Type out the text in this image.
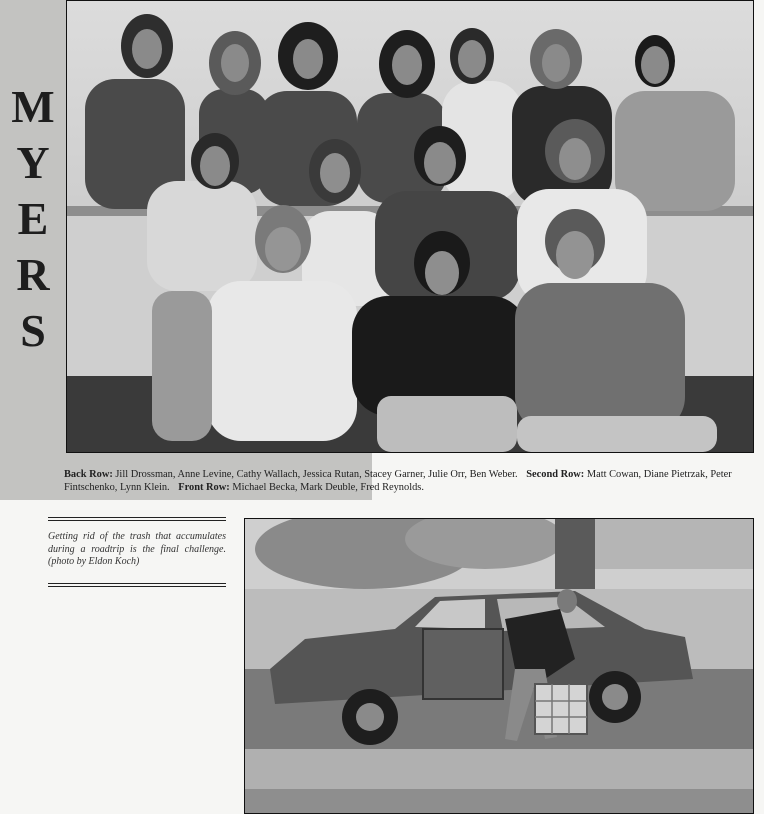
M
Y
E
R
S
Back Row: Jill Drossman, Anne Levine, Cathy Wallach, Jessica Rutan, Stacey Garner, Julie Orr, Ben Weber. Second Row: Matt Cowan, Diane Pietrzak, Peter
Fintschenko, Lynn Klein. Front Row: Michael Becka, Mark Deuble, Fred Reynolds.

Getting rid of the trash that accumulates during a roadtrip is the final challenge. (photo by Eldon Koch)
